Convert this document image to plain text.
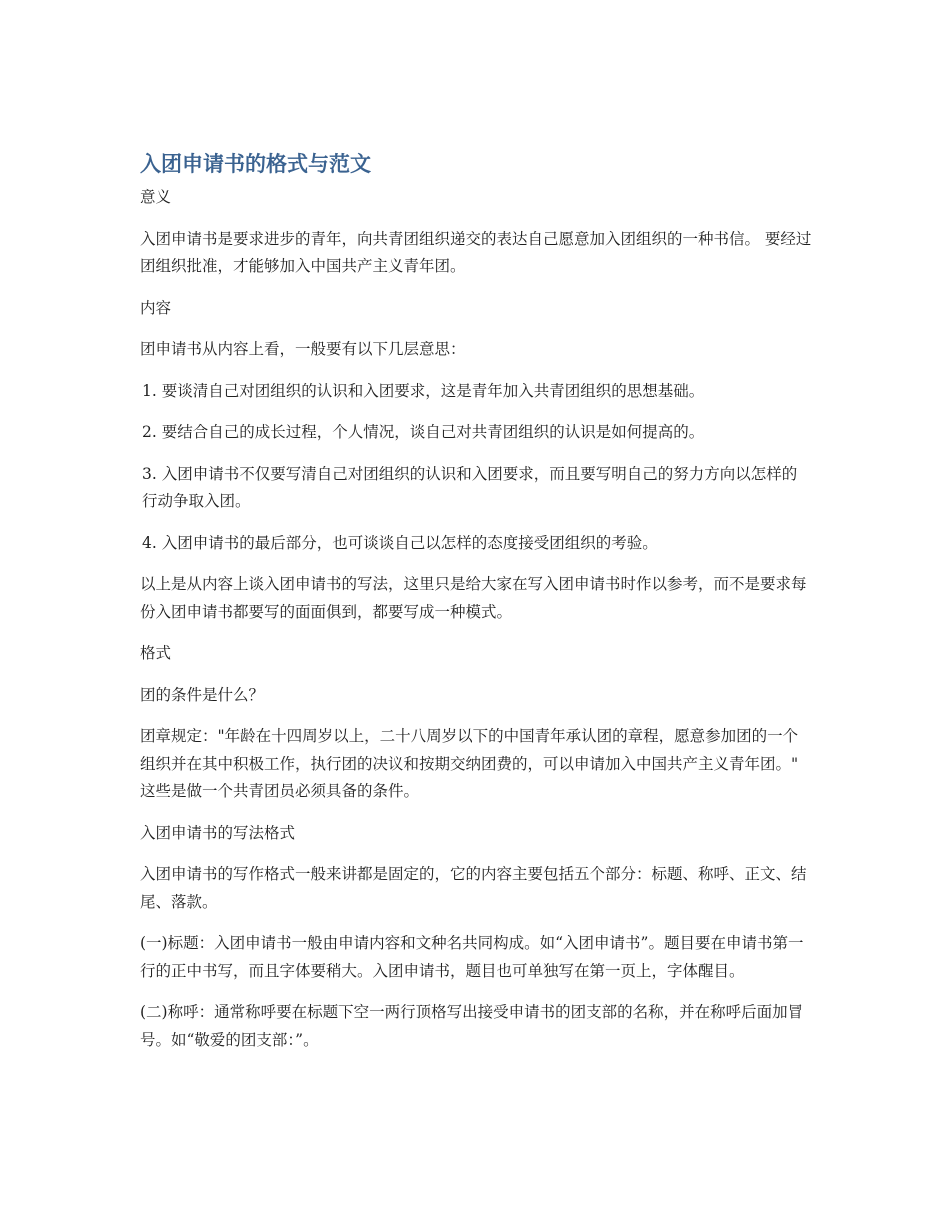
入团申请书的格式与范文
意义
入团申请书是要求进步的青年，向共青团组织递交的表达自己愿意加入团组织的一种书信。 要经过团组织批准，才能够加入中国共产主义青年团。
内容
团申请书从内容上看，一般要有以下几层意思：
1. 要谈清自己对团组织的认识和入团要求，这是青年加入共青团组织的思想基础。
2. 要结合自己的成长过程，个人情况，谈自己对共青团组织的认识是如何提高的。
3. 入团申请书不仅要写清自己对团组织的认识和入团要求，而且要写明自己的努力方向以怎样的行动争取入团。
4. 入团申请书的最后部分，也可谈谈自己以怎样的态度接受团组织的考验。
以上是从内容上谈入团申请书的写法，这里只是给大家在写入团申请书时作以参考，而不是要求每份入团申请书都要写的面面俱到，都要写成一种模式。
格式
团的条件是什么？
团章规定："年龄在十四周岁以上，二十八周岁以下的中国青年承认团的章程，愿意参加团的一个组织并在其中积极工作，执行团的决议和按期交纳团费的，可以申请加入中国共产主义青年团。" 这些是做一个共青团员必须具备的条件。
入团申请书的写法格式
入团申请书的写作格式一般来讲都是固定的，它的内容主要包括五个部分：标题、称呼、正文、结尾、落款。
(一)标题：入团申请书一般由申请内容和文种名共同构成。如“入团申请书”。题目要在申请书第一行的正中书写，而且字体要稍大。入团申请书，题目也可单独写在第一页上，字体醒目。
(二)称呼：通常称呼要在标题下空一两行顶格写出接受申请书的团支部的名称，并在称呼后面加冒号。如“敬爱的团支部：”。
